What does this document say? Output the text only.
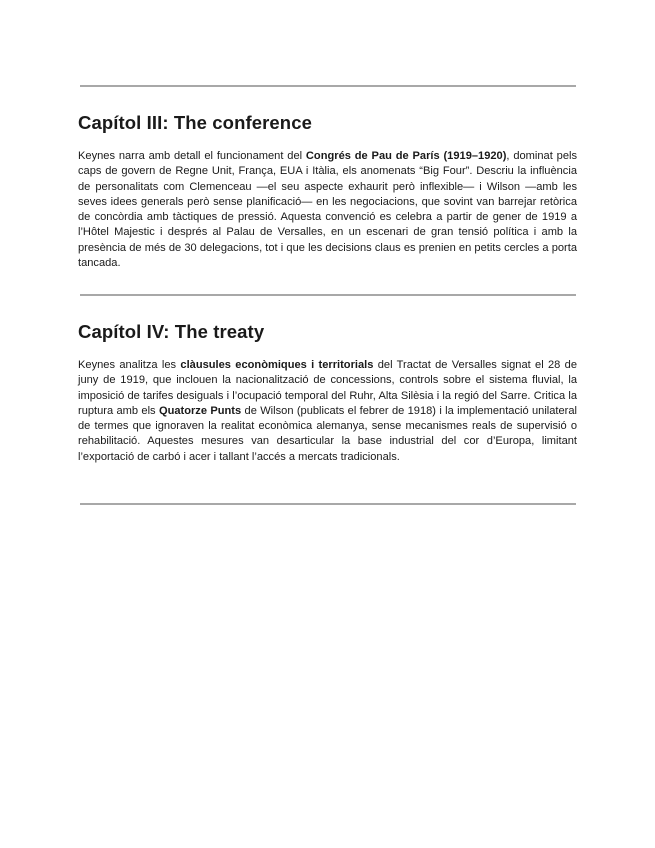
Capítol III: The conference

Keynes narra amb detall el funcionament del Congrés de Pau de París (1919–1920), dominat pels caps de govern de Regne Unit, França, EUA i Itàlia, els anomenats “Big Four”. Descriu la influència de personalitats com Clemenceau —el seu aspecte exhaurit però inflexible— i Wilson —amb les seves idees generals però sense planificació— en les negociacions, que sovint van barrejar retòrica de concòrdia amb tàctiques de pressió. Aquesta convenció es celebra a partir de gener de 1919 a l’Hôtel Majestic i després al Palau de Versalles, en un escenari de gran tensió política i amb la presència de més de 30 delegacions, tot i que les decisions claus es prenien en petits cercles a porta tancada.

Capítol IV: The treaty

Keynes analitza les clàusules econòmiques i territorials del Tractat de Versalles signat el 28 de juny de 1919, que inclouen la nacionalització de concessions, controls sobre el sistema fluvial, la imposició de tarifes desiguals i l’ocupació temporal del Ruhr, Alta Silèsia i la regió del Sarre. Critica la ruptura amb els Quatorze Punts de Wilson (publicats el febrer de 1918) i la implementació unilateral de termes que ignoraven la realitat econòmica alemanya, sense mecanismes reals de supervisió o rehabilitació. Aquestes mesures van desarticular la base industrial del cor d’Europa, limitant l’exportació de carbó i acer i tallant l’accés a mercats tradicionals.
